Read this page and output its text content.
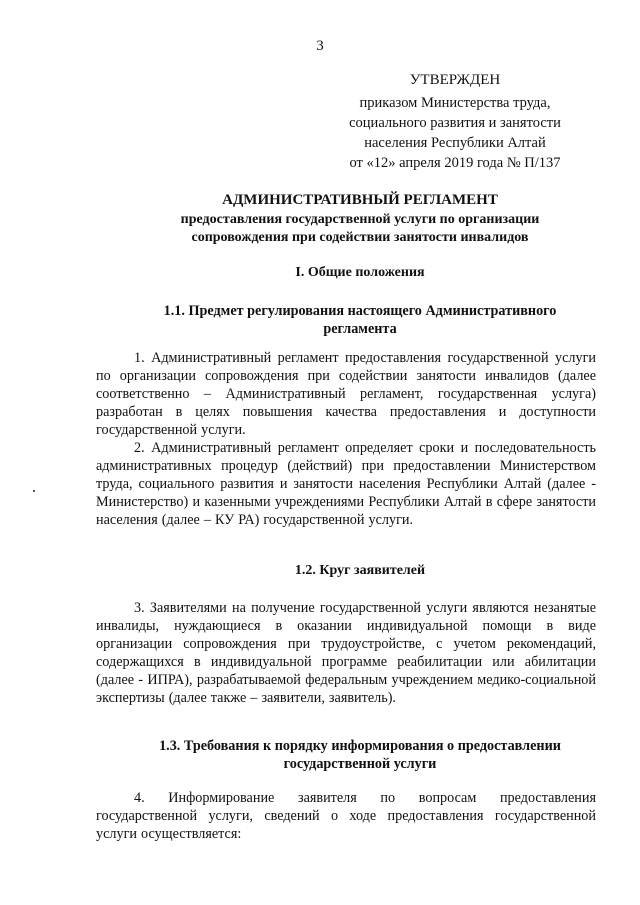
3
УТВЕРЖДЕН
приказом Министерства труда,
социального развития и занятости
населения Республики Алтай
от «12» апреля 2019 года № П/137
АДМИНИСТРАТИВНЫЙ РЕГЛАМЕНТ
предоставления государственной услуги по организации
сопровождения при содействии занятости инвалидов
I. Общие положения
1.1. Предмет регулирования настоящего Административного
регламента
1. Административный регламент предоставления государственной услуги по организации сопровождения при содействии занятости инвалидов (далее соответственно – Административный регламент, государственная услуга) разработан в целях повышения качества предоставления и доступности государственной услуги.
2. Административный регламент определяет сроки и последовательность административных процедур (действий) при предоставлении Министерством труда, социального развития и занятости населения Республики Алтай (далее - Министерство) и казенными учреждениями Республики Алтай в сфере занятости населения (далее – КУ РА) государственной услуги.
1.2. Круг заявителей
3. Заявителями на получение государственной услуги являются незанятые инвалиды, нуждающиеся в оказании индивидуальной помощи в виде организации сопровождения при трудоустройстве, с учетом рекомендаций, содержащихся в индивидуальной программе реабилитации или абилитации (далее - ИПРА), разрабатываемой федеральным учреждением медико-социальной экспертизы (далее также – заявители, заявитель).
1.3. Требования к порядку информирования о предоставлении
государственной услуги
4. Информирование заявителя по вопросам предоставления государственной услуги, сведений о ходе предоставления государственной услуги осуществляется:
